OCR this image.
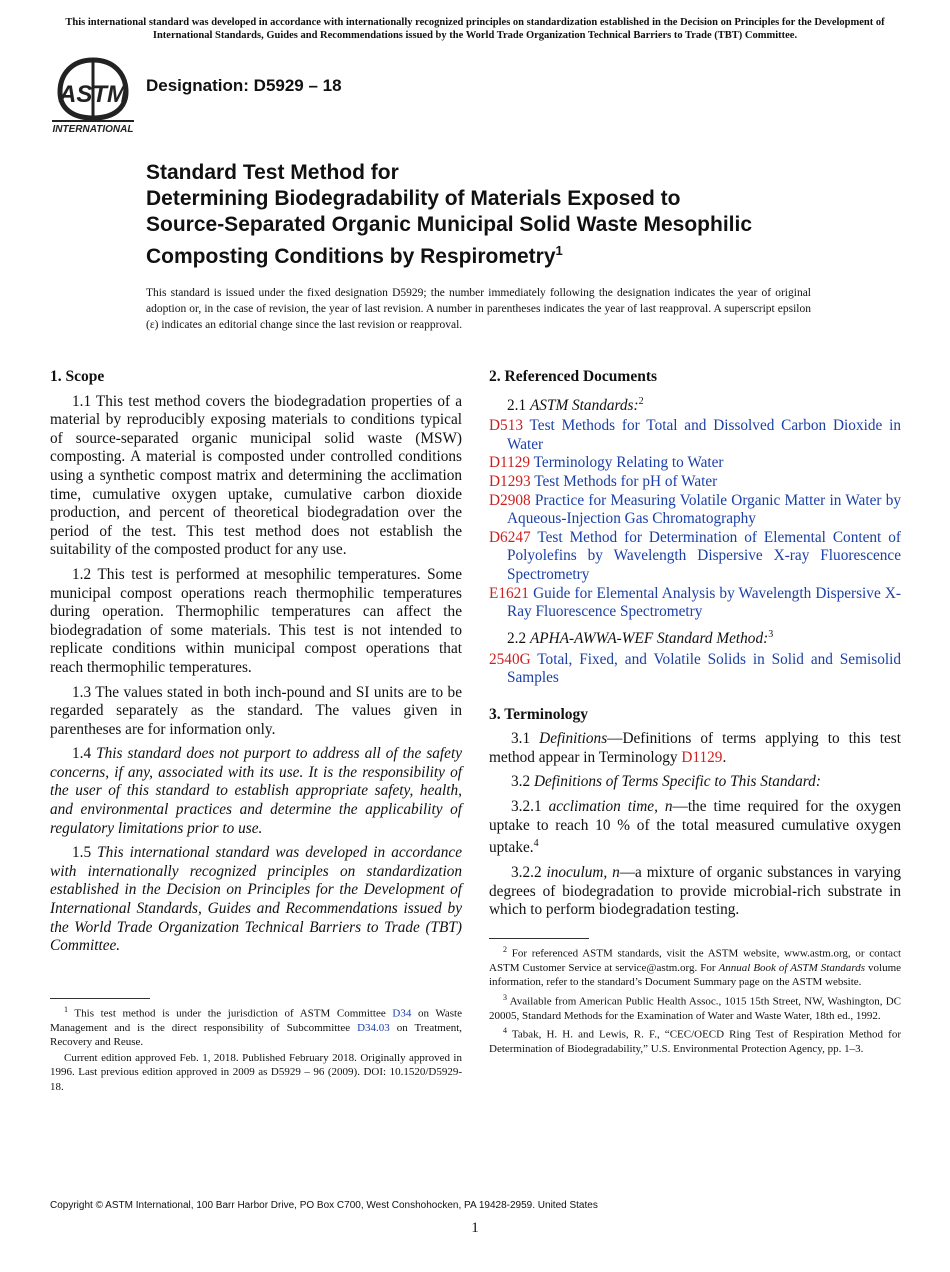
This international standard was developed in accordance with internationally recognized principles on standardization established in the Decision on Principles for the Development of International Standards, Guides and Recommendations issued by the World Trade Organization Technical Barriers to Trade (TBT) Committee.
ASTM
INTERNATIONAL
Designation: D5929 – 18
Standard Test Method for
Determining Biodegradability of Materials Exposed to
Source-Separated Organic Municipal Solid Waste Mesophilic
Composting Conditions by Respirometry$^1$

This standard is issued under the fixed designation D5929; the number immediately following the designation indicates the year of original adoption or, in the case of revision, the year of last revision. A number in parentheses indicates the year of last reapproval. A superscript epsilon (ε) indicates an editorial change since the last revision or reapproval.

1. Scope

1.1 This test method covers the biodegradation properties of a material by reproducibly exposing materials to conditions typical of source-separated organic municipal solid waste (MSW) composting. A material is composted under controlled conditions using a synthetic compost matrix and determining the acclimation time, cumulative oxygen uptake, cumulative carbon dioxide production, and percent of theoretical biodegradation over the period of the test. This test method does not establish the suitability of the composted product for any use.

1.2 This test is performed at mesophilic temperatures. Some municipal compost operations reach thermophilic temperatures during operation. Thermophilic temperatures can affect the biodegradation of some materials. This test is not intended to replicate conditions within municipal compost operations that reach thermophilic temperatures.

1.3 The values stated in both inch-pound and SI units are to be regarded separately as the standard. The values given in parentheses are for information only.

1.4 This standard does not purport to address all of the safety concerns, if any, associated with its use. It is the responsibility of the user of this standard to establish appropriate safety, health, and environmental practices and determine the applicability of regulatory limitations prior to use.

1.5 This international standard was developed in accordance with internationally recognized principles on standardization established in the Decision on Principles for the Development of International Standards, Guides and Recommendations issued by the World Trade Organization Technical Barriers to Trade (TBT) Committee.

2. Referenced Documents

2.1 ASTM Standards:$^2$

D513 Test Methods for Total and Dissolved Carbon Dioxide in Water

D1129 Terminology Relating to Water

D1293 Test Methods for pH of Water

D2908 Practice for Measuring Volatile Organic Matter in Water by Aqueous-Injection Gas Chromatography

D6247 Test Method for Determination of Elemental Content of Polyolefins by Wavelength Dispersive X-ray Fluorescence Spectrometry

E1621 Guide for Elemental Analysis by Wavelength Dispersive X-Ray Fluorescence Spectrometry

2.2 APHA-AWWA-WEF Standard Method:$^3$

2540G Total, Fixed, and Volatile Solids in Solid and Semisolid Samples

3. Terminology

3.1 Definitions—Definitions of terms applying to this test method appear in Terminology D1129.

3.2 Definitions of Terms Specific to This Standard:

3.2.1 acclimation time, n—the time required for the oxygen uptake to reach 10 % of the total measured cumulative oxygen uptake.$^4$

3.2.2 inoculum, n—a mixture of organic substances in varying degrees of biodegradation to provide microbial-rich substrate in which to perform biodegradation testing.

$^1$ This test method is under the jurisdiction of ASTM Committee D34 on Waste Management and is the direct responsibility of Subcommittee D34.03 on Treatment, Recovery and Reuse.

Current edition approved Feb. 1, 2018. Published February 2018. Originally approved in 1996. Last previous edition approved in 2009 as D5929 – 96 (2009). DOI: 10.1520/D5929-18.

$^2$ For referenced ASTM standards, visit the ASTM website, www.astm.org, or contact ASTM Customer Service at service@astm.org. For Annual Book of ASTM Standards volume information, refer to the standard’s Document Summary page on the ASTM website.

$^3$ Available from American Public Health Assoc., 1015 15th Street, NW, Washington, DC 20005, Standard Methods for the Examination of Water and Waste Water, 18th ed., 1992.

$^4$ Tabak, H. H. and Lewis, R. F., “CEC/OECD Ring Test of Respiration Method for Determination of Biodegradability,” U.S. Environmental Protection Agency, pp. 1–3.

Copyright © ASTM International, 100 Barr Harbor Drive, PO Box C700, West Conshohocken, PA 19428-2959. United States
1
